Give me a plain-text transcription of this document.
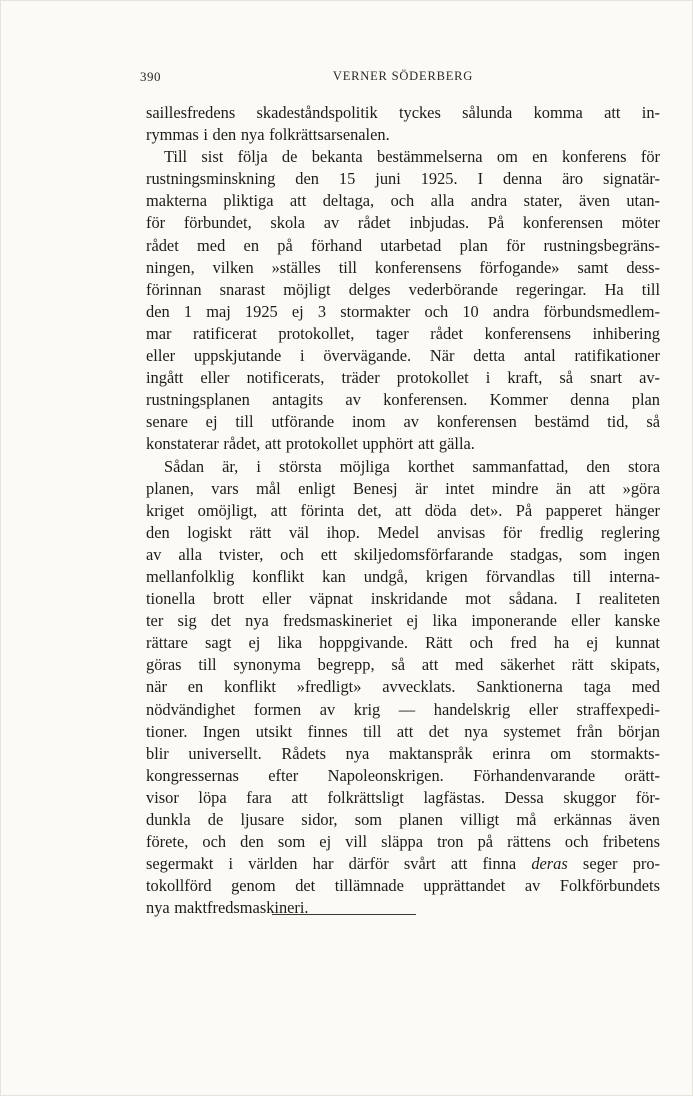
390	VERNER SÖDERBERG

saillesfredens skadeståndspolitik tyckes sålunda komma att in-
rymmas i den nya folkrättsarsenalen.

Till sist följa de bekanta bestämmelserna om en konferens för
rustningsminskning den 15 juni 1925. I denna äro signatär-
makterna pliktiga att deltaga, och alla andra stater, även utan-
för förbundet, skola av rådet inbjudas. På konferensen möter
rådet med en på förhand utarbetad plan för rustningsbegräns-
ningen, vilken »ställes till konferensens förfogande» samt dess-
förinnan snarast möjligt delges vederbörande regeringar. Ha till
den 1 maj 1925 ej 3 stormakter och 10 andra förbundsmedlem-
mar ratificerat protokollet, tager rådet konferensens inhibering
eller uppskjutande i övervägande. När detta antal ratifikationer
ingått eller notificerats, träder protokollet i kraft, så snart av-
rustningsplanen antagits av konferensen. Kommer denna plan
senare ej till utförande inom av konferensen bestämd tid, så
konstaterar rådet, att protokollet upphört att gälla.

Sådan är, i största möjliga korthet sammanfattad, den stora
planen, vars mål enligt Benesj är intet mindre än att »göra
kriget omöjligt, att förinta det, att döda det». På papperet hänger
den logiskt rätt väl ihop. Medel anvisas för fredlig reglering
av alla tvister, och ett skiljedomsförfarande stadgas, som ingen
mellanfolklig konflikt kan undgå, krigen förvandlas till interna-
tionella brott eller väpnat inskridande mot sådana. I realiteten
ter sig det nya fredsmaskineriet ej lika imponerande eller kanske
rättare sagt ej lika hoppgivande. Rätt och fred ha ej kunnat
göras till synonyma begrepp, så att med säkerhet rätt skipats,
när en konflikt »fredligt» avvecklats. Sanktionerna taga med
nödvändighet formen av krig — handelskrig eller straffexpedi-
tioner. Ingen utsikt finnes till att det nya systemet från början
blir universellt. Rådets nya maktanspråk erinra om stormakts-
kongressernas efter Napoleonskrigen. Förhandenvarande orätt-
visor löpa fara att folkrättsligt lagfästas. Dessa skuggor för-
dunkla de ljusare sidor, som planen villigt må erkännas även
förete, och den som ej vill släppa tron på rättens och fribetens
segermakt i världen har därför svårt att finna deras seger pro-
tokollförd genom det tillämnade upprättandet av Folkförbundets
nya maktfredsmaskineri.
